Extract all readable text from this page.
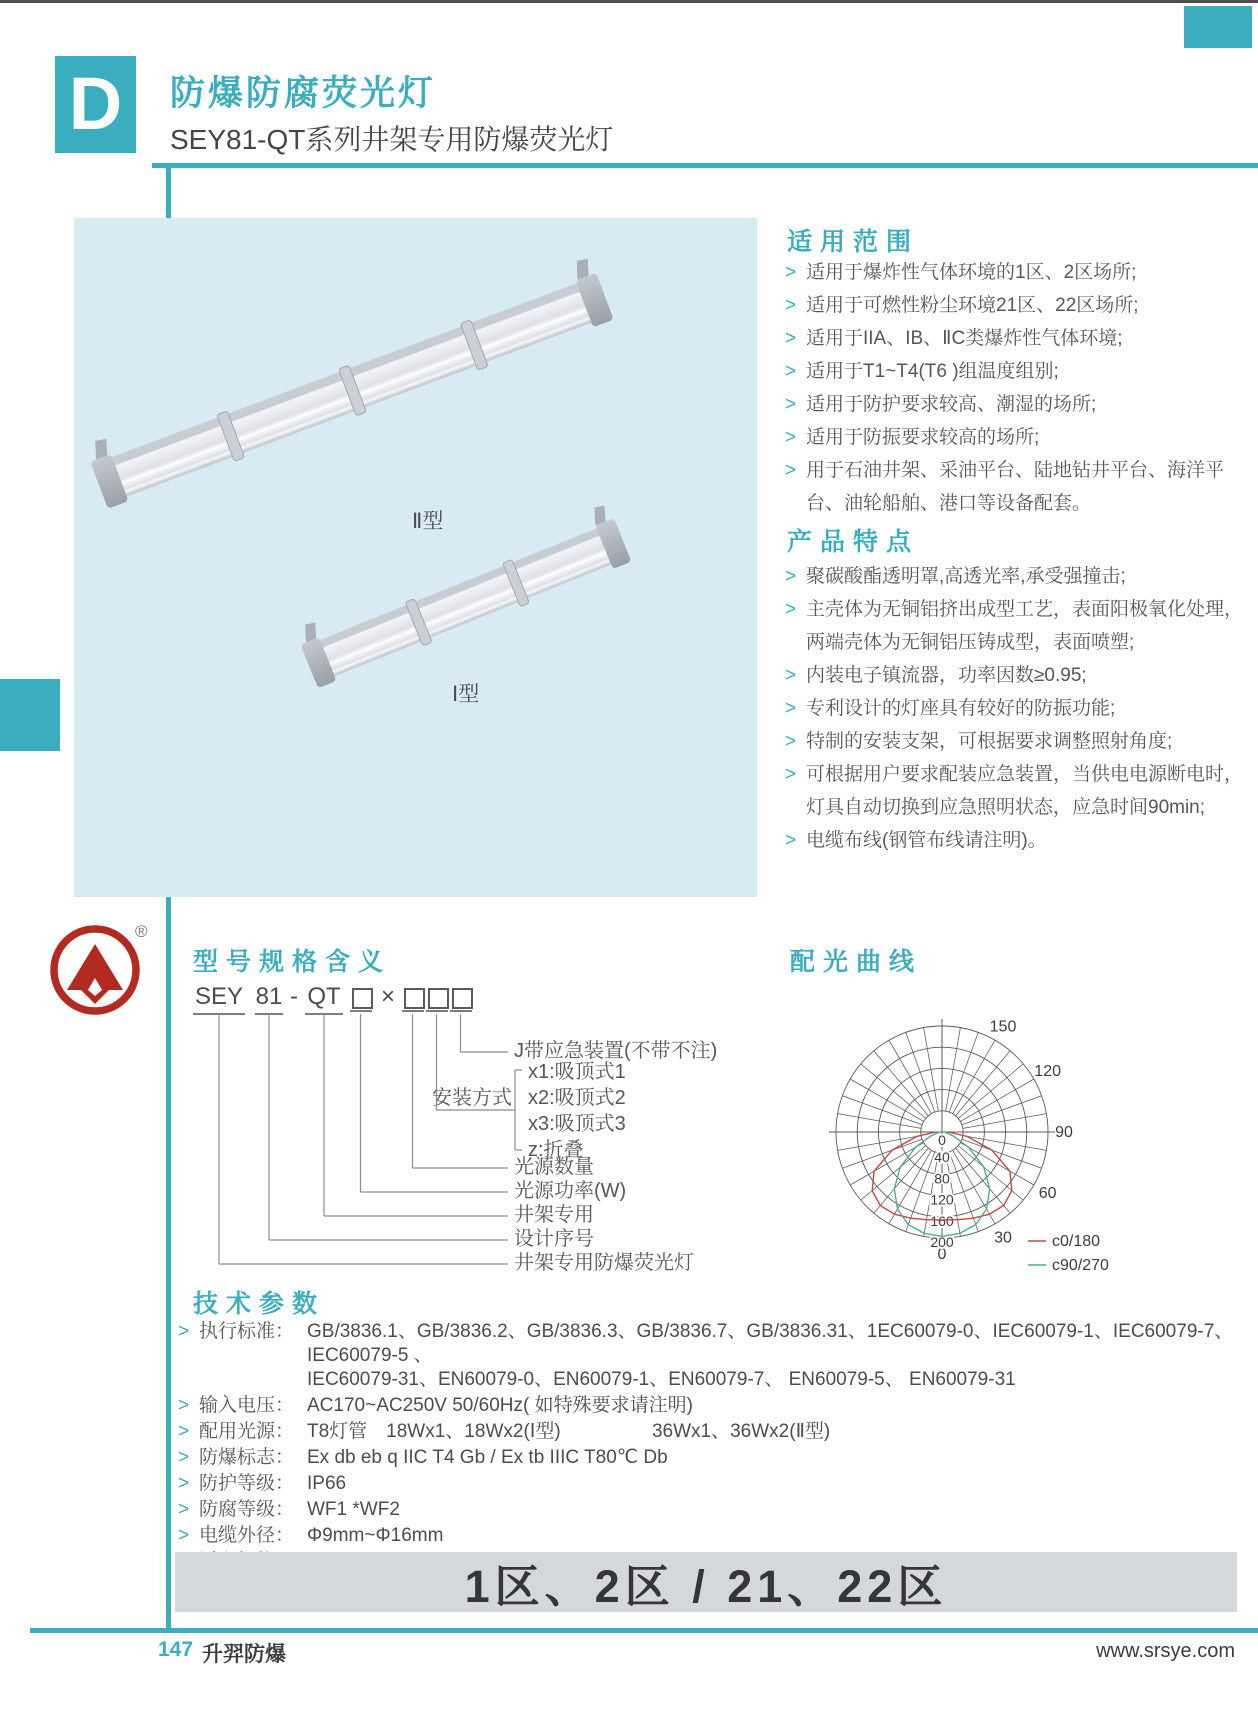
D	防爆防腐荧光灯
SEY81-QT系列井架专用防爆荧光灯
Ⅱ型
Ⅰ型
适用范围
> 适用于爆炸性气体环境的1区、2区场所;
> 适用于可燃性粉尘环境21区、22区场所;
> 适用于IIA、IB、ⅡC类爆炸性气体环境;
> 适用于T1~T4(T6 )组温度组别;
> 适用于防护要求较高、潮湿的场所;
> 适用于防振要求较高的场所;
> 用于石油井架、采油平台、陆地钻井平台、海洋平台、油轮船舶、港口等设备配套。
产品特点
> 聚碳酸酯透明罩,高透光率,承受强撞击;
> 主壳体为无铜铝挤出成型工艺，表面阳极氧化处理，两端壳体为无铜铝压铸成型，表面喷塑;
> 内装电子镇流器，功率因数≥0.95;
> 专利设计的灯座具有较好的防振功能;
> 特制的安装支架，可根据要求调整照射角度;
> 可根据用户要求配装应急装置，当供电电源断电时，灯具自动切换到应急照明状态，应急时间90min;
> 电缆布线(钢管布线请注明)。
®
型号规格含义
SEY 81 - QT ×
J带应急装置(不带不注)
安装方式
x1:吸顶式1
x2:吸顶式2
x3:吸顶式3
z:折叠
光源数量
光源功率(W)
井架专用
设计序号
井架专用防爆荧光灯
配光曲线
0
30
60
90
120
150
0
40
80
120
160
200	c0/180
c90/270
技术参数
> 执行标准： GB/3836.1、GB/3836.2、GB/3836.3、GB/3836.7、GB/3836.31、1EC60079-0、IEC60079-1、IEC60079-7、IEC60079-5 、
IEC60079-31、EN60079-0、EN60079-1、EN60079-7、 EN60079-5、 EN60079-31
> 输入电压： AC170~AC250V 50/60Hz( 如特殊要求请注明)
> 配用光源： T8灯管　18Wx1、18Wx2(Ⅰ型)	36Wx1、36Wx2(Ⅱ型)
> 防爆标志： Ex db eb q IIC T4 Gb / Ex tb IIIC T80℃ Db
> 防护等级： IP66
> 防腐等级： WF1 *WF2
> 电缆外径： Φ9mm~Φ16mm
1区、2区 / 21、22区
147 升羿防爆	www.srsye.com
